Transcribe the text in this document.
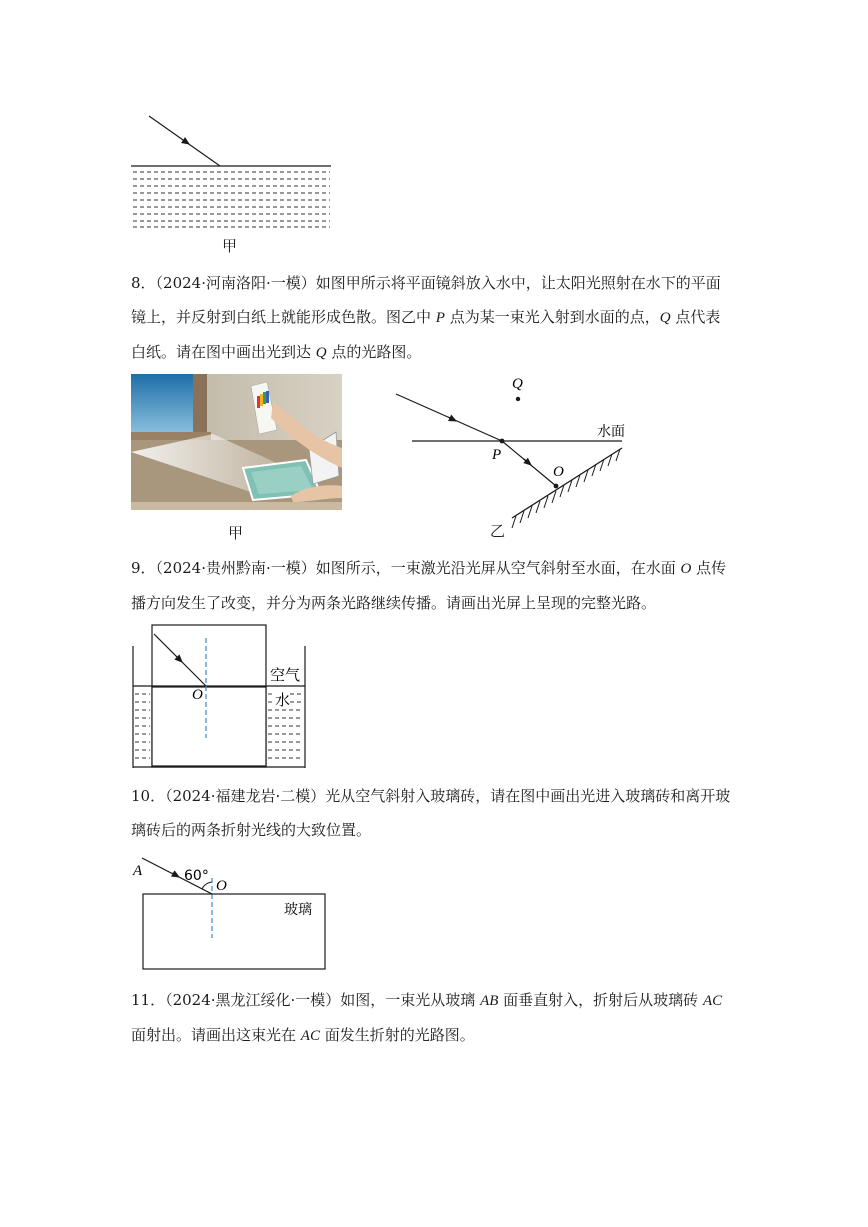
甲
8．（2024·河南洛阳·一模）如图甲所示将平面镜斜放入水中，让太阳光照射在水下的平面
镜上，并反射到白纸上就能形成色散。图乙中 P 点为某一束光入射到水面的点，Q 点代表
白纸。请在图中画出光到达 Q 点的光路图。
甲
Q
P
水面
O
乙
9．（2024·贵州黔南·一模）如图所示，一束激光沿光屏从空气斜射至水面，在水面 O 点传
播方向发生了改变，并分为两条光路继续传播。请画出光屏上呈现的完整光路。
O
空气
水
10．（2024·福建龙岩·二模）光从空气斜射入玻璃砖，请在图中画出光进入玻璃砖和离开玻
璃砖后的两条折射光线的大致位置。
A	60°
O
玻璃
11．（2024·黑龙江绥化·一模）如图，一束光从玻璃 AB 面垂直射入，折射后从玻璃砖 AC
面射出。请画出这束光在 AC 面发生折射的光路图。
